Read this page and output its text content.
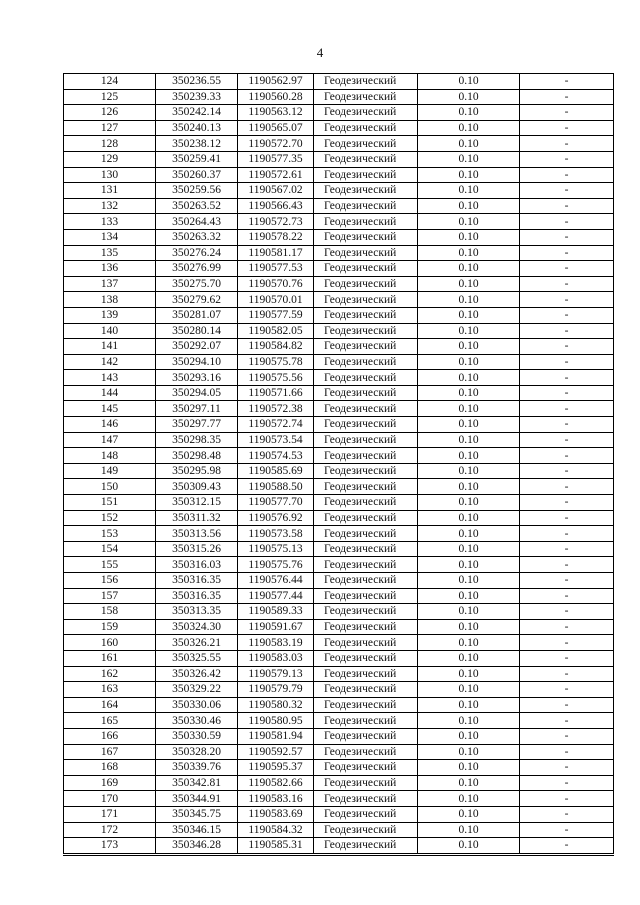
4
124	350236.55	1190562.97	Геодезический	0.10	-
125	350239.33	1190560.28	Геодезический	0.10	-
126	350242.14	1190563.12	Геодезический	0.10	-
127	350240.13	1190565.07	Геодезический	0.10	-
128	350238.12	1190572.70	Геодезический	0.10	-
129	350259.41	1190577.35	Геодезический	0.10	-
130	350260.37	1190572.61	Геодезический	0.10	-
131	350259.56	1190567.02	Геодезический	0.10	-
132	350263.52	1190566.43	Геодезический	0.10	-
133	350264.43	1190572.73	Геодезический	0.10	-
134	350263.32	1190578.22	Геодезический	0.10	-
135	350276.24	1190581.17	Геодезический	0.10	-
136	350276.99	1190577.53	Геодезический	0.10	-
137	350275.70	1190570.76	Геодезический	0.10	-
138	350279.62	1190570.01	Геодезический	0.10	-
139	350281.07	1190577.59	Геодезический	0.10	-
140	350280.14	1190582.05	Геодезический	0.10	-
141	350292.07	1190584.82	Геодезический	0.10	-
142	350294.10	1190575.78	Геодезический	0.10	-
143	350293.16	1190575.56	Геодезический	0.10	-
144	350294.05	1190571.66	Геодезический	0.10	-
145	350297.11	1190572.38	Геодезический	0.10	-
146	350297.77	1190572.74	Геодезический	0.10	-
147	350298.35	1190573.54	Геодезический	0.10	-
148	350298.48	1190574.53	Геодезический	0.10	-
149	350295.98	1190585.69	Геодезический	0.10	-
150	350309.43	1190588.50	Геодезический	0.10	-
151	350312.15	1190577.70	Геодезический	0.10	-
152	350311.32	1190576.92	Геодезический	0.10	-
153	350313.56	1190573.58	Геодезический	0.10	-
154	350315.26	1190575.13	Геодезический	0.10	-
155	350316.03	1190575.76	Геодезический	0.10	-
156	350316.35	1190576.44	Геодезический	0.10	-
157	350316.35	1190577.44	Геодезический	0.10	-
158	350313.35	1190589.33	Геодезический	0.10	-
159	350324.30	1190591.67	Геодезический	0.10	-
160	350326.21	1190583.19	Геодезический	0.10	-
161	350325.55	1190583.03	Геодезический	0.10	-
162	350326.42	1190579.13	Геодезический	0.10	-
163	350329.22	1190579.79	Геодезический	0.10	-
164	350330.06	1190580.32	Геодезический	0.10	-
165	350330.46	1190580.95	Геодезический	0.10	-
166	350330.59	1190581.94	Геодезический	0.10	-
167	350328.20	1190592.57	Геодезический	0.10	-
168	350339.76	1190595.37	Геодезический	0.10	-
169	350342.81	1190582.66	Геодезический	0.10	-
170	350344.91	1190583.16	Геодезический	0.10	-
171	350345.75	1190583.69	Геодезический	0.10	-
172	350346.15	1190584.32	Геодезический	0.10	-
173	350346.28	1190585.31	Геодезический	0.10	-
